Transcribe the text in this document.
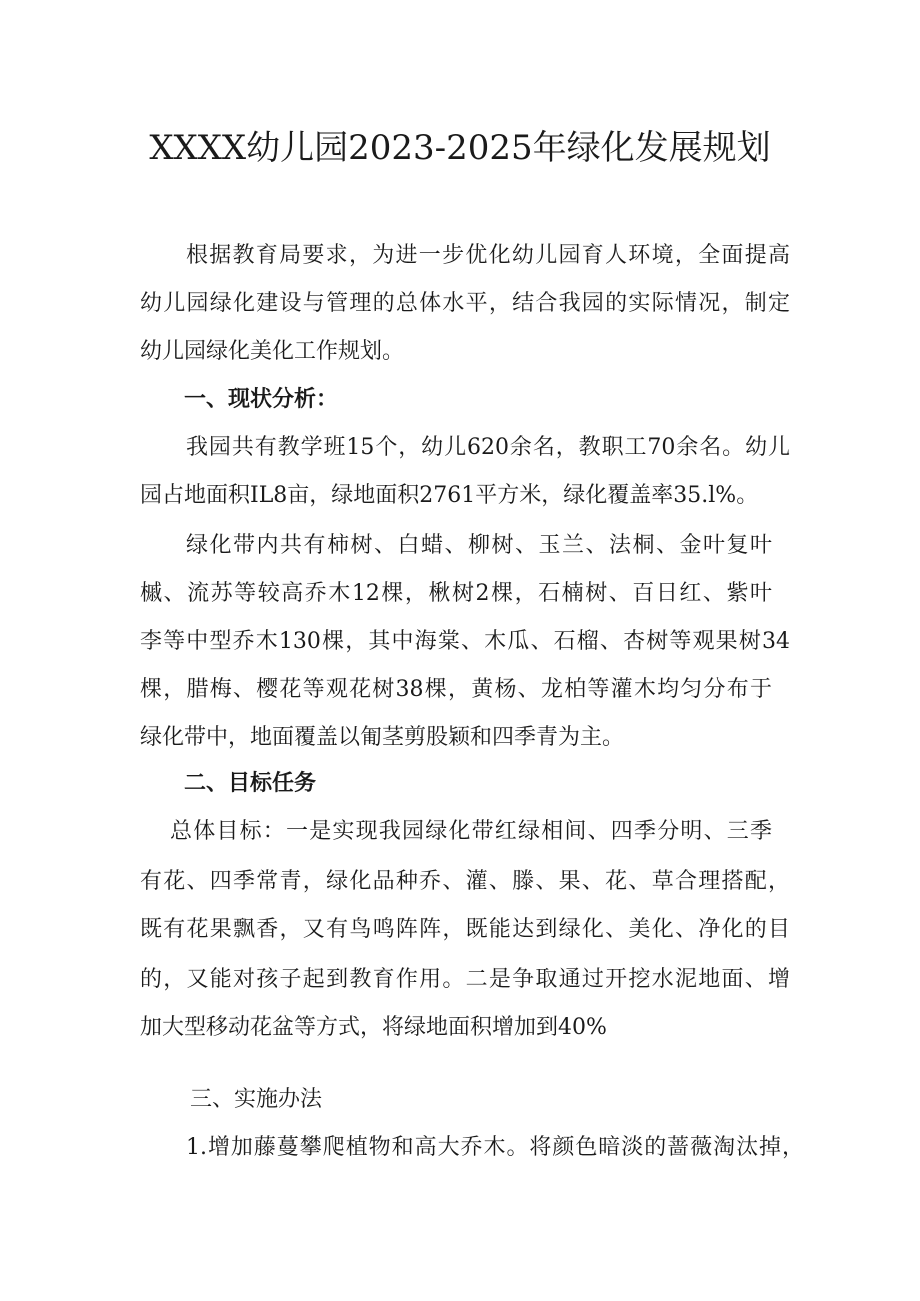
XXXX幼儿园2023-2025年绿化发展规划
根据教育局要求，为进一步优化幼儿园育人环境，全面提高
幼儿园绿化建设与管理的总体水平，结合我园的实际情况，制定
幼儿园绿化美化工作规划。
一、现状分析：
我园共有教学班15个，幼儿620余名，教职工70余名。幼儿
园占地面积IL8亩，绿地面积2761平方米，绿化覆盖率35.l%。
绿化带内共有柿树、白蜡、柳树、玉兰、法桐、金叶复叶
槭、流苏等较高乔木12棵，楸树2棵，石楠树、百日红、紫叶
李等中型乔木130棵，其中海棠、木瓜、石榴、杏树等观果树34
棵，腊梅、樱花等观花树38棵，黄杨、龙柏等灌木均匀分布于
绿化带中，地面覆盖以匍茎剪股颖和四季青为主。
二、目标任务
总体目标：一是实现我园绿化带红绿相间、四季分明、三季
有花、四季常青，绿化品种乔、灌、滕、果、花、草合理搭配，
既有花果飘香，又有鸟鸣阵阵，既能达到绿化、美化、净化的目
的，又能对孩子起到教育作用。二是争取通过开挖水泥地面、增
加大型移动花盆等方式，将绿地面积增加到40%
三、实施办法
1.增加藤蔓攀爬植物和高大乔木。将颜色暗淡的蔷薇淘汰掉，
